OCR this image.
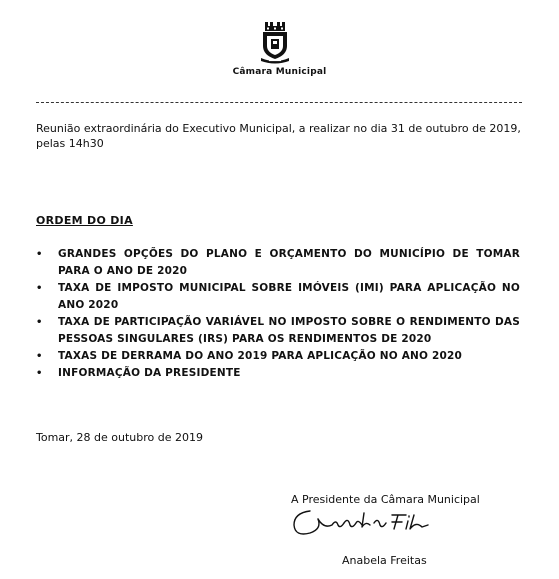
Câmara Municipal
Reunião extraordinária do Executivo Municipal, a realizar no dia 31 de outubro de 2019, pelas 14h30
ORDEM DO DIA
• GRANDES OPÇÕES DO PLANO E ORÇAMENTO DO MUNICÍPIO DE TOMAR PARA O ANO DE 2020
• TAXA DE IMPOSTO MUNICIPAL SOBRE IMÓVEIS (IMI) PARA APLICAÇÃO NO ANO 2020
• TAXA DE PARTICIPAÇÃO VARIÁVEL NO IMPOSTO SOBRE O RENDIMENTO DAS PESSOAS SINGULARES (IRS) PARA OS RENDIMENTOS DE 2020
• TAXAS DE DERRAMA DO ANO 2019 PARA APLICAÇÃO NO ANO 2020
• INFORMAÇÃO DA PRESIDENTE
Tomar, 28 de outubro de 2019
A Presidente da Câmara Municipal
Anabela Freitas
